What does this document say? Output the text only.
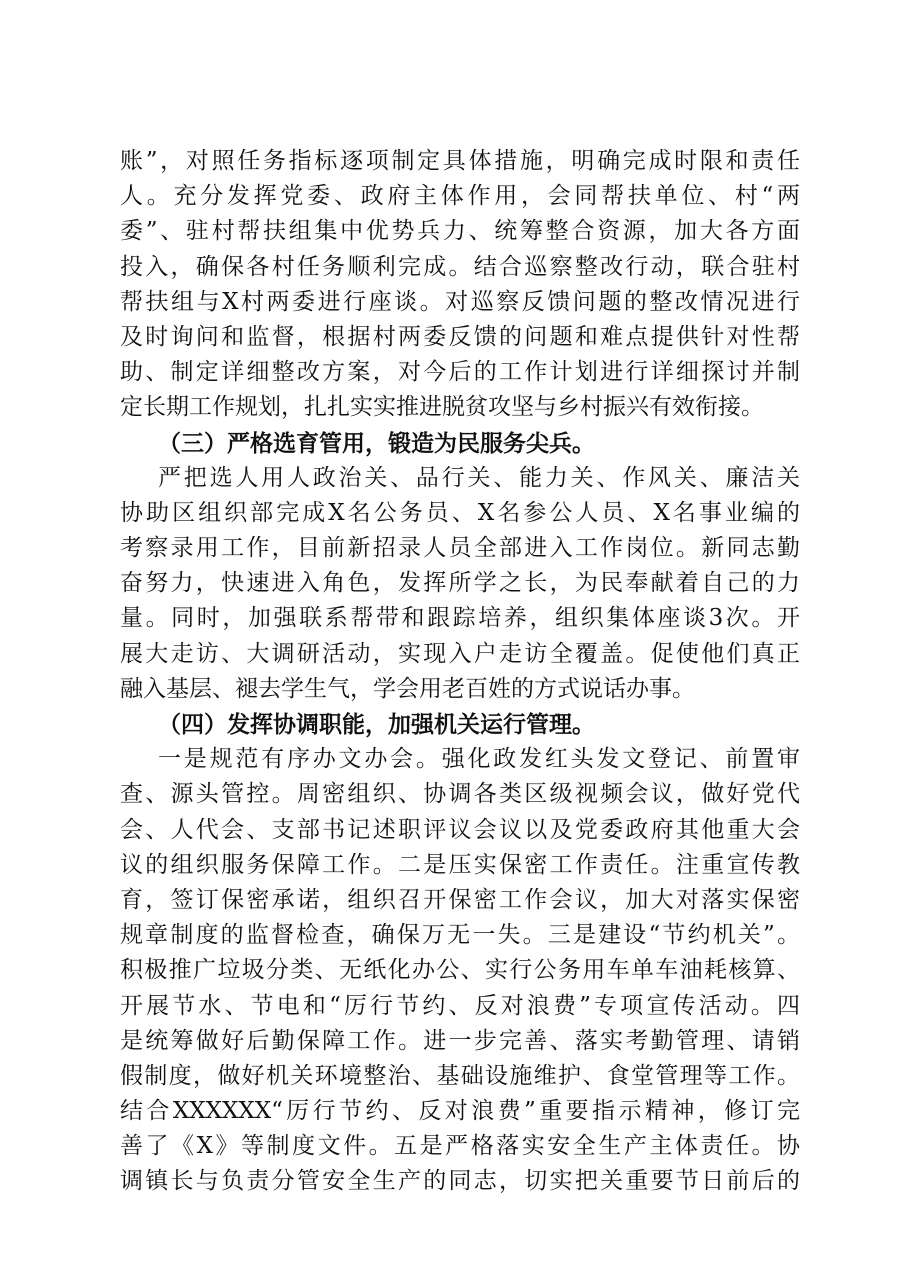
账”，对照任务指标逐项制定具体措施，明确完成时限和责任
人。充分发挥党委、政府主体作用，会同帮扶单位、村“两
委”、驻村帮扶组集中优势兵力、统筹整合资源，加大各方面
投入，确保各村任务顺利完成。结合巡察整改行动，联合驻村
帮扶组与X村两委进行座谈。对巡察反馈问题的整改情况进行
及时询问和监督，根据村两委反馈的问题和难点提供针对性帮
助、制定详细整改方案，对今后的工作计划进行详细探讨并制
定长期工作规划，扎扎实实推进脱贫攻坚与乡村振兴有效衔接。
（三）严格选育管用，锻造为民服务尖兵。
严把选人用人政治关、品行关、能力关、作风关、廉洁关
协助区组织部完成X名公务员、X名参公人员、X名事业编的
考察录用工作，目前新招录人员全部进入工作岗位。新同志勤
奋努力，快速进入角色，发挥所学之长，为民奉献着自己的力
量。同时，加强联系帮带和跟踪培养，组织集体座谈3次。开
展大走访、大调研活动，实现入户走访全覆盖。促使他们真正
融入基层、褪去学生气，学会用老百姓的方式说话办事。
（四）发挥协调职能，加强机关运行管理。
一是规范有序办文办会。强化政发红头发文登记、前置审
查、源头管控。周密组织、协调各类区级视频会议，做好党代
会、人代会、支部书记述职评议会议以及党委政府其他重大会
议的组织服务保障工作。二是压实保密工作责任。注重宣传教
育，签订保密承诺，组织召开保密工作会议，加大对落实保密
规章制度的监督检查，确保万无一失。三是建设“节约机关”。
积极推广垃圾分类、无纸化办公、实行公务用车单车油耗核算、
开展节水、节电和“厉行节约、反对浪费”专项宣传活动。四
是统筹做好后勤保障工作。进一步完善、落实考勤管理、请销
假制度，做好机关环境整治、基础设施维护、食堂管理等工作。
结合XXXXXX“厉行节约、反对浪费”重要指示精神，修订完
善了《X》等制度文件。五是严格落实安全生产主体责任。协
调镇长与负责分管安全生产的同志，切实把关重要节日前后的
